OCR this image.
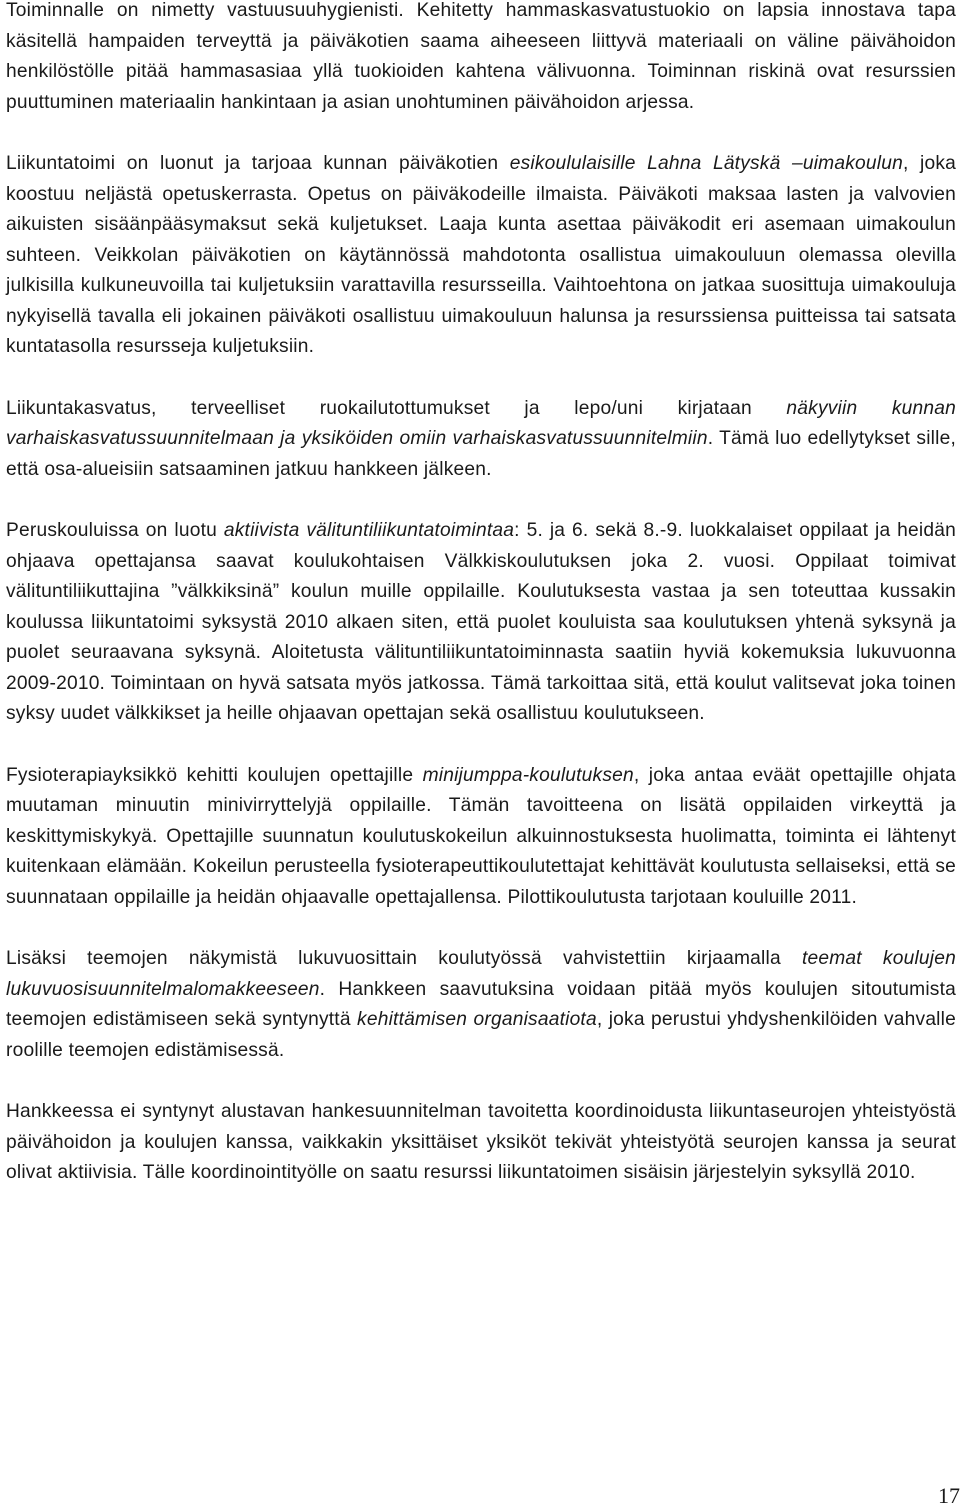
Toiminnalle on nimetty vastuusuuhygienisti. Kehitetty hammaskasvatustuokio on lapsia innostava tapa käsitellä hampaiden terveyttä ja päiväkotien saama aiheeseen liittyvä materiaali on väline päivähoidon henkilöstölle pitää hammasasiaa yllä tuokioiden kahtena välivuonna. Toiminnan riskinä ovat resurssien puuttuminen materiaalin hankintaan ja asian unohtuminen päivähoidon arjessa.

Liikuntatoimi on luonut ja tarjoaa kunnan päiväkotien esikoululaisille Lahna Lätyskä –uimakoulun, joka koostuu neljästä opetuskerrasta. Opetus on päiväkodeille ilmaista. Päiväkoti maksaa lasten ja valvovien aikuisten sisäänpääsymaksut sekä kuljetukset. Laaja kunta asettaa päiväkodit eri asemaan uimakoulun suhteen. Veikkolan päiväkotien on käytännössä mahdotonta osallistua uimakouluun olemassa olevilla julkisilla kulkuneuvoilla tai kuljetuksiin varattavilla resursseilla. Vaihtoehtona on jatkaa suosittuja uimakouluja nykyisellä tavalla eli jokainen päiväkoti osallistuu uimakouluun halunsa ja resurssiensa puitteissa tai satsata kuntatasolla resursseja kuljetuksiin.

Liikuntakasvatus, terveelliset ruokailutottumukset ja lepo/uni kirjataan näkyviin kunnan varhaiskasvatussuunnitelmaan ja yksiköiden omiin varhaiskasvatussuunnitelmiin. Tämä luo edellytykset sille, että osa-alueisiin satsaaminen jatkuu hankkeen jälkeen.

Peruskouluissa on luotu aktiivista välituntiliikuntatoimintaa: 5. ja 6. sekä 8.-9. luokkalaiset oppilaat ja heidän ohjaava opettajansa saavat koulukohtaisen Välkkiskoulutuksen joka 2. vuosi. Oppilaat toimivat välituntiliikuttajina ”välkkiksinä” koulun muille oppilaille. Koulutuksesta vastaa ja sen toteuttaa kussakin koulussa liikuntatoimi syksystä 2010 alkaen siten, että puolet kouluista saa koulutuksen yhtenä syksynä ja puolet seuraavana syksynä. Aloitetusta välituntiliikuntatoiminnasta saatiin hyviä kokemuksia lukuvuonna 2009-2010. Toimintaan on hyvä satsata myös jatkossa. Tämä tarkoittaa sitä, että koulut valitsevat joka toinen syksy uudet välkkikset ja heille ohjaavan opettajan sekä osallistuu koulutukseen.

Fysioterapiayksikkö kehitti koulujen opettajille minijumppa-koulutuksen, joka antaa eväät opettajille ohjata muutaman minuutin minivirryttelyjä oppilaille. Tämän tavoitteena on lisätä oppilaiden virkeyttä ja keskittymiskykyä. Opettajille suunnatun koulutuskokeilun alkuinnostuksesta huolimatta, toiminta ei lähtenyt kuitenkaan elämään. Kokeilun perusteella fysioterapeuttikoulutettajat kehittävät koulutusta sellaiseksi, että se suunnataan oppilaille ja heidän ohjaavalle opettajallensa. Pilottikoulutusta tarjotaan kouluille 2011.

Lisäksi teemojen näkymistä lukuvuosittain koulutyössä vahvistettiin kirjaamalla teemat koulujen lukuvuosisuunnitelmalomakkeeseen. Hankkeen saavutuksina voidaan pitää myös koulujen sitoutumista teemojen edistämiseen sekä syntynyttä kehittämisen organisaatiota, joka perustui yhdyshenkilöiden vahvalle roolille teemojen edistämisessä.

Hankkeessa ei syntynyt alustavan hankesuunnitelman tavoitetta koordinoidusta liikuntaseurojen yhteistyöstä päivähoidon ja koulujen kanssa, vaikkakin yksittäiset yksiköt tekivät yhteistyötä seurojen kanssa ja seurat olivat aktiivisia. Tälle koordinointityölle on saatu resurssi liikuntatoimen sisäisin järjestelyin syksyllä 2010.

17
